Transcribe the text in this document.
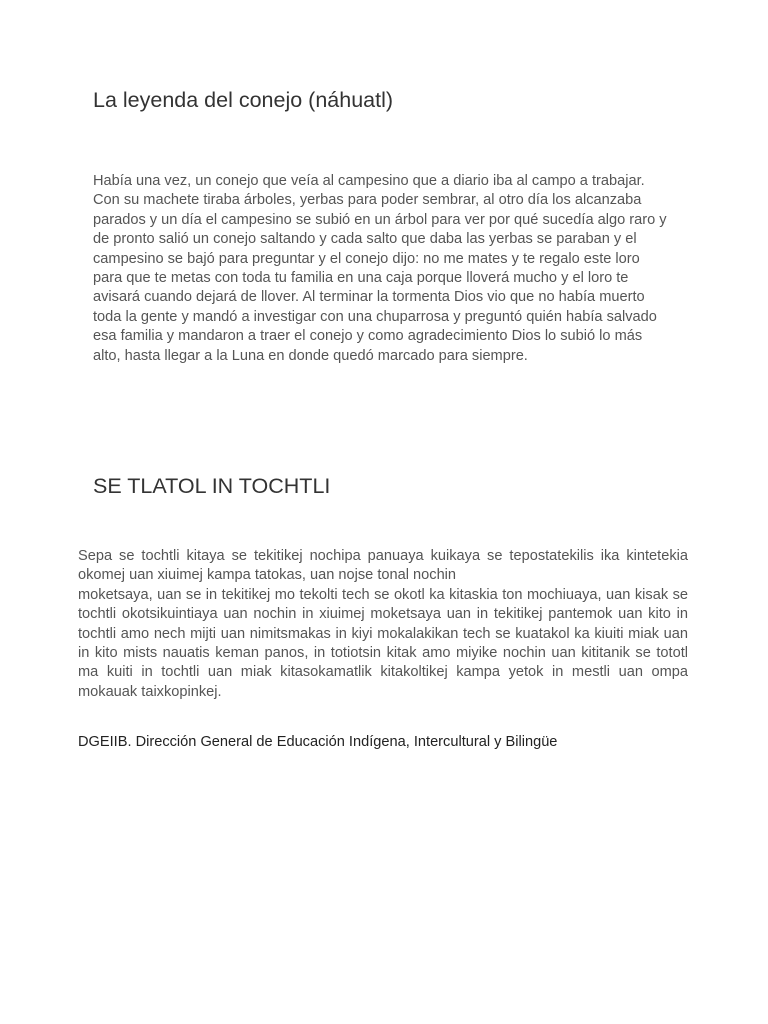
La leyenda del conejo (náhuatl)

Había una vez, un conejo que veía al campesino que a diario iba al campo a trabajar. Con su machete tiraba árboles, yerbas para poder sembrar, al otro día los alcanzaba parados y un día el campesino se subió en un árbol para ver por qué sucedía algo raro y de pronto salió un conejo saltando y cada salto que daba las yerbas se paraban y el campesino se bajó para preguntar y el conejo dijo: no me mates y te regalo este loro para que te metas con toda tu familia en una caja porque lloverá mucho y el loro te avisará cuando dejará de llover. Al terminar la tormenta Dios vio que no había muerto toda la gente y mandó a investigar con una chuparrosa y preguntó quién había salvado esa familia y mandaron a traer el conejo y como agradecimiento Dios lo subió lo más alto, hasta llegar a la Luna en donde quedó marcado para siempre.

SE TLATOL IN TOCHTLI
Sepa se tochtli kitaya se tekitikej nochipa panuaya kuikaya se tepostatekilis ika kintetekia okomej uan xiuimej kampa tatokas, uan nojse tonal nochin
moketsaya, uan se in tekitikej mo tekolti tech se okotl ka kitaskia ton mochiuaya, uan kisak se tochtli okotsikuintiaya uan nochin in xiuimej moketsaya uan in tekitikej pantemok uan kito in tochtli amo nech mijti uan nimitsmakas in kiyi mokalakikan tech se kuatakol ka kiuiti miak uan in kito mists nauatis keman panos, in totiotsin kitak amo miyike nochin uan kititanik se tototl ma kuiti in tochtli uan miak kitasokamatlik kitakoltikej kampa yetok in mestli uan ompa mokauak taixkopinkej.

DGEIIB. Dirección General de Educación Indígena, Intercultural y Bilingüe
